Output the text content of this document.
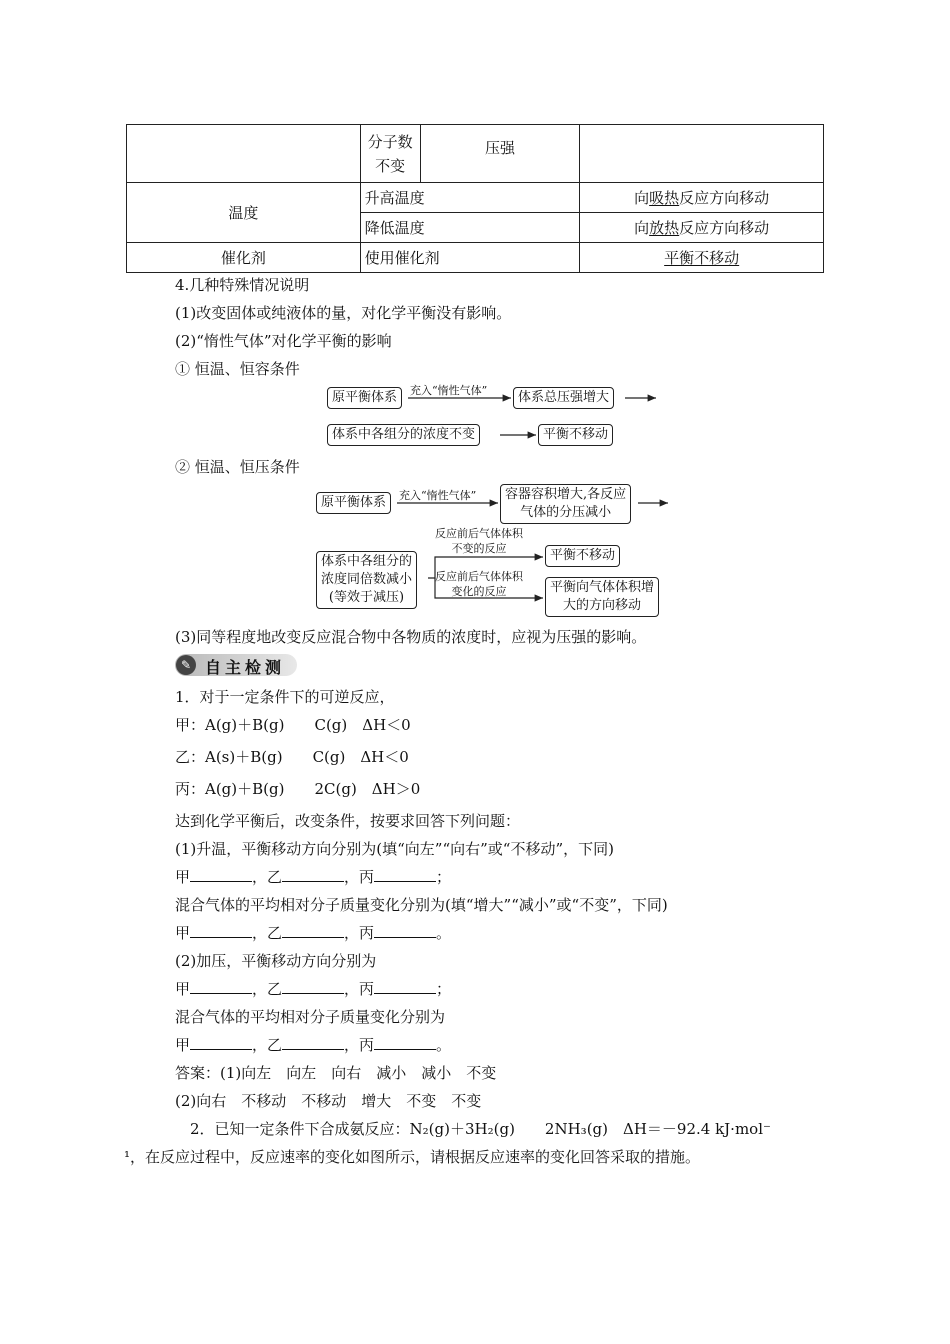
	分子数不变	压强	
温度	升高温度		向吸热反应方向移动
	降低温度		向放热反应方向移动
催化剂	使用催化剂		平衡不移动
4.几种特殊情况说明
(1)改变固体或纯液体的量，对化学平衡没有影响。
(2)“惰性气体”对化学平衡的影响
① 恒温、恒容条件
原平衡体系	充入“惰性气体”	体系总压强增大
体系中各组分的浓度不变	平衡不移动
② 恒温、恒压条件
原平衡体系	充入“惰性气体” 容器容积增大,各反应
气体的分压减小
体系中各组分的
浓度同倍数减小
(等效于减压)
反应前后气体体积
不变的反应
反应前后气体体积
变化的反应
平衡不移动
平衡向气体体积增
大的方向移动
(3)同等程度地改变反应混合物中各物质的浓度时，应视为压强的影响。
✎ 自主检测
1．对于一定条件下的可逆反应，
甲：A(g)＋B(g)　　C(g)　ΔH＜0
乙：A(s)＋B(g)　　C(g)　ΔH＜0
丙：A(g)＋B(g)　　2C(g)　ΔH＞0
达到化学平衡后，改变条件，按要求回答下列问题：
(1)升温，平衡移动方向分别为(填“向左”“向右”或“不移动”，下同)
甲	，乙	，丙	；
混合气体的平均相对分子质量变化分别为(填“增大”“减小”或“不变”，下同)
甲	，乙	，丙	。
(2)加压，平衡移动方向分别为
甲	，乙	，丙	；
混合气体的平均相对分子质量变化分别为
甲	，乙	，丙	。
答案：(1)向左　向左　向右　减小　减小　不变
(2)向右　不移动　不移动　增大　不变　不变
2．已知一定条件下合成氨反应：N₂(g)＋3H₂(g)　　2NH₃(g)　ΔH＝－92.4 kJ·mol⁻
¹，在反应过程中，反应速率的变化如图所示，请根据反应速率的变化回答采取的措施。
